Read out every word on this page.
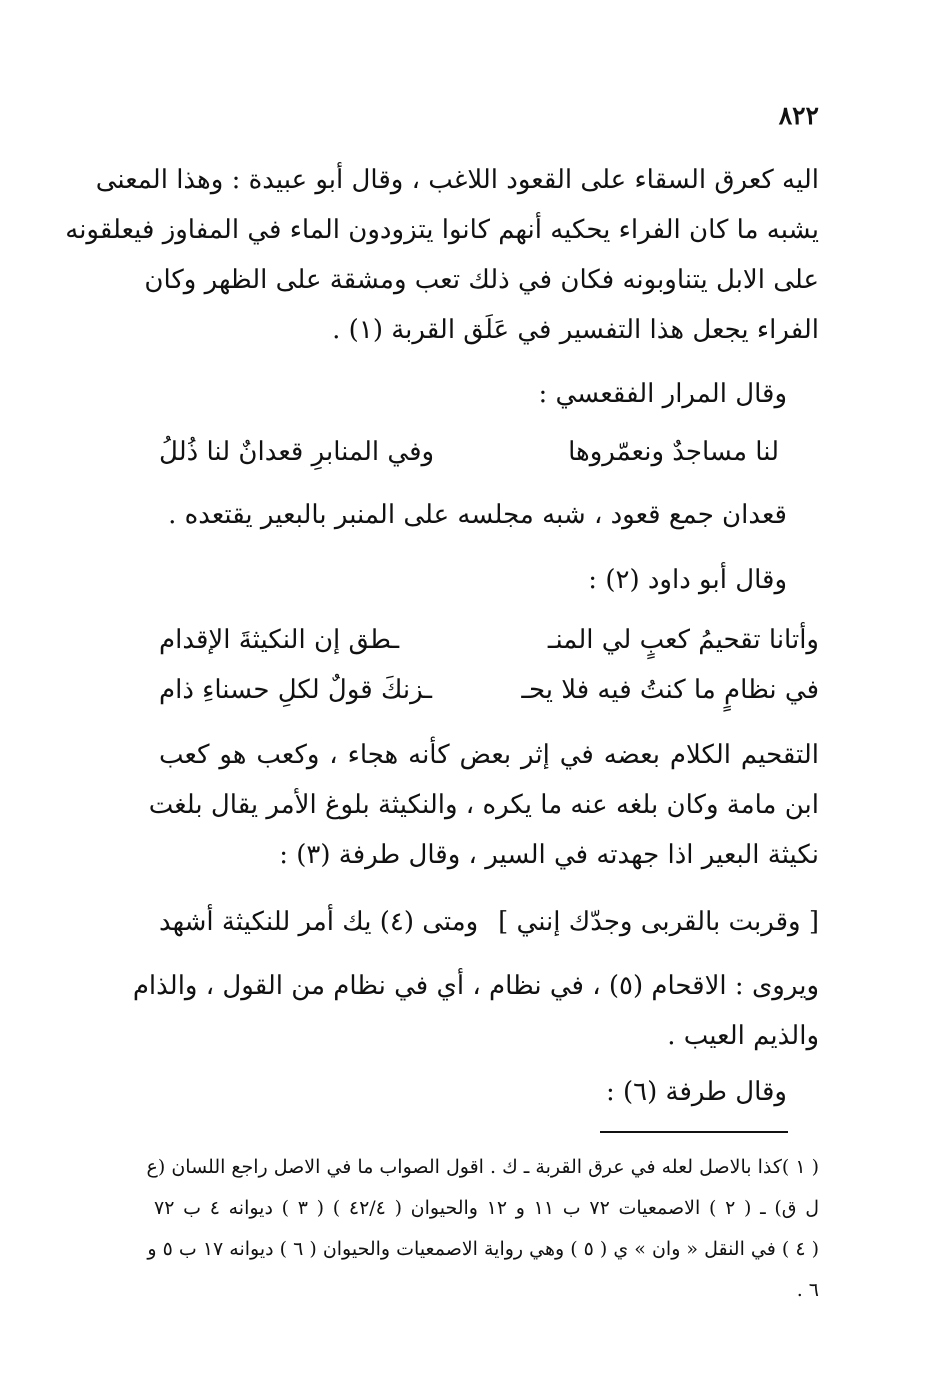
٨٢٢
اليه كعرق السقاء على القعود اللاغب ، وقال أبو عبيدة : وهذا المعنى
يشبه ما كان الفراء يحكيه أنهم كانوا يتزودون الماء في المفاوز فيعلقونه
على الابل يتناوبونه فكان في ذلك تعب ومشقة على الظهر وكان
الفراء يجعل هذا التفسير في عَلَق القربة (١) .
وقال المرار الفقعسي :
لنا مساجدٌ ونعمّروها
وفي المنابرِ قعدانٌ لنا ذُللُ
قعدان جمع قعود ، شبه مجلسه على المنبر بالبعير يقتعده .
وقال أبو داود (٢) :
وأتانا تقحيمُ كعبٍ لي المنـ
ـطق إن النكيثةَ الإقدام
في نظامٍ ما كنتُ فيه فلا يحـ
ـزنكَ قولٌ لكلِ حسناءِ ذام
التقحيم الكلام بعضه في إثر بعض كأنه هجاء ، وكعب هو كعب
ابن مامة وكان بلغه عنه ما يكره ، والنكيثة بلوغ الأمر يقال بلغت
نكيثة البعير اذا جهدته في السير ، وقال طرفة (٣) :
[ وقربت بالقربى وجدّك إنني ]
ومتى (٤) يك أمر للنكيثة أشهد
ويروى : الاقحام (٥) ، في نظام ، أي في نظام من القول ، والذام
والذيم العيب .
وقال طرفة (٦) :
( ١ )كذا بالاصل لعله في عرق القربة ـ ك . اقول الصواب ما في الاصل راجع اللسان (ع
ل ق) ـ ( ٢ ) الاصمعيات ٧٢ ب ١١ و ١٢ والحيوان ( ٤٢/٤ ) ( ٣ ) ديوانه ٤ ب ٧٢
( ٤ ) في النقل « وان » ي ( ٥ ) وهي رواية الاصمعيات والحيوان ( ٦ ) ديوانه ١٧ ب ٥ و
٦ .
